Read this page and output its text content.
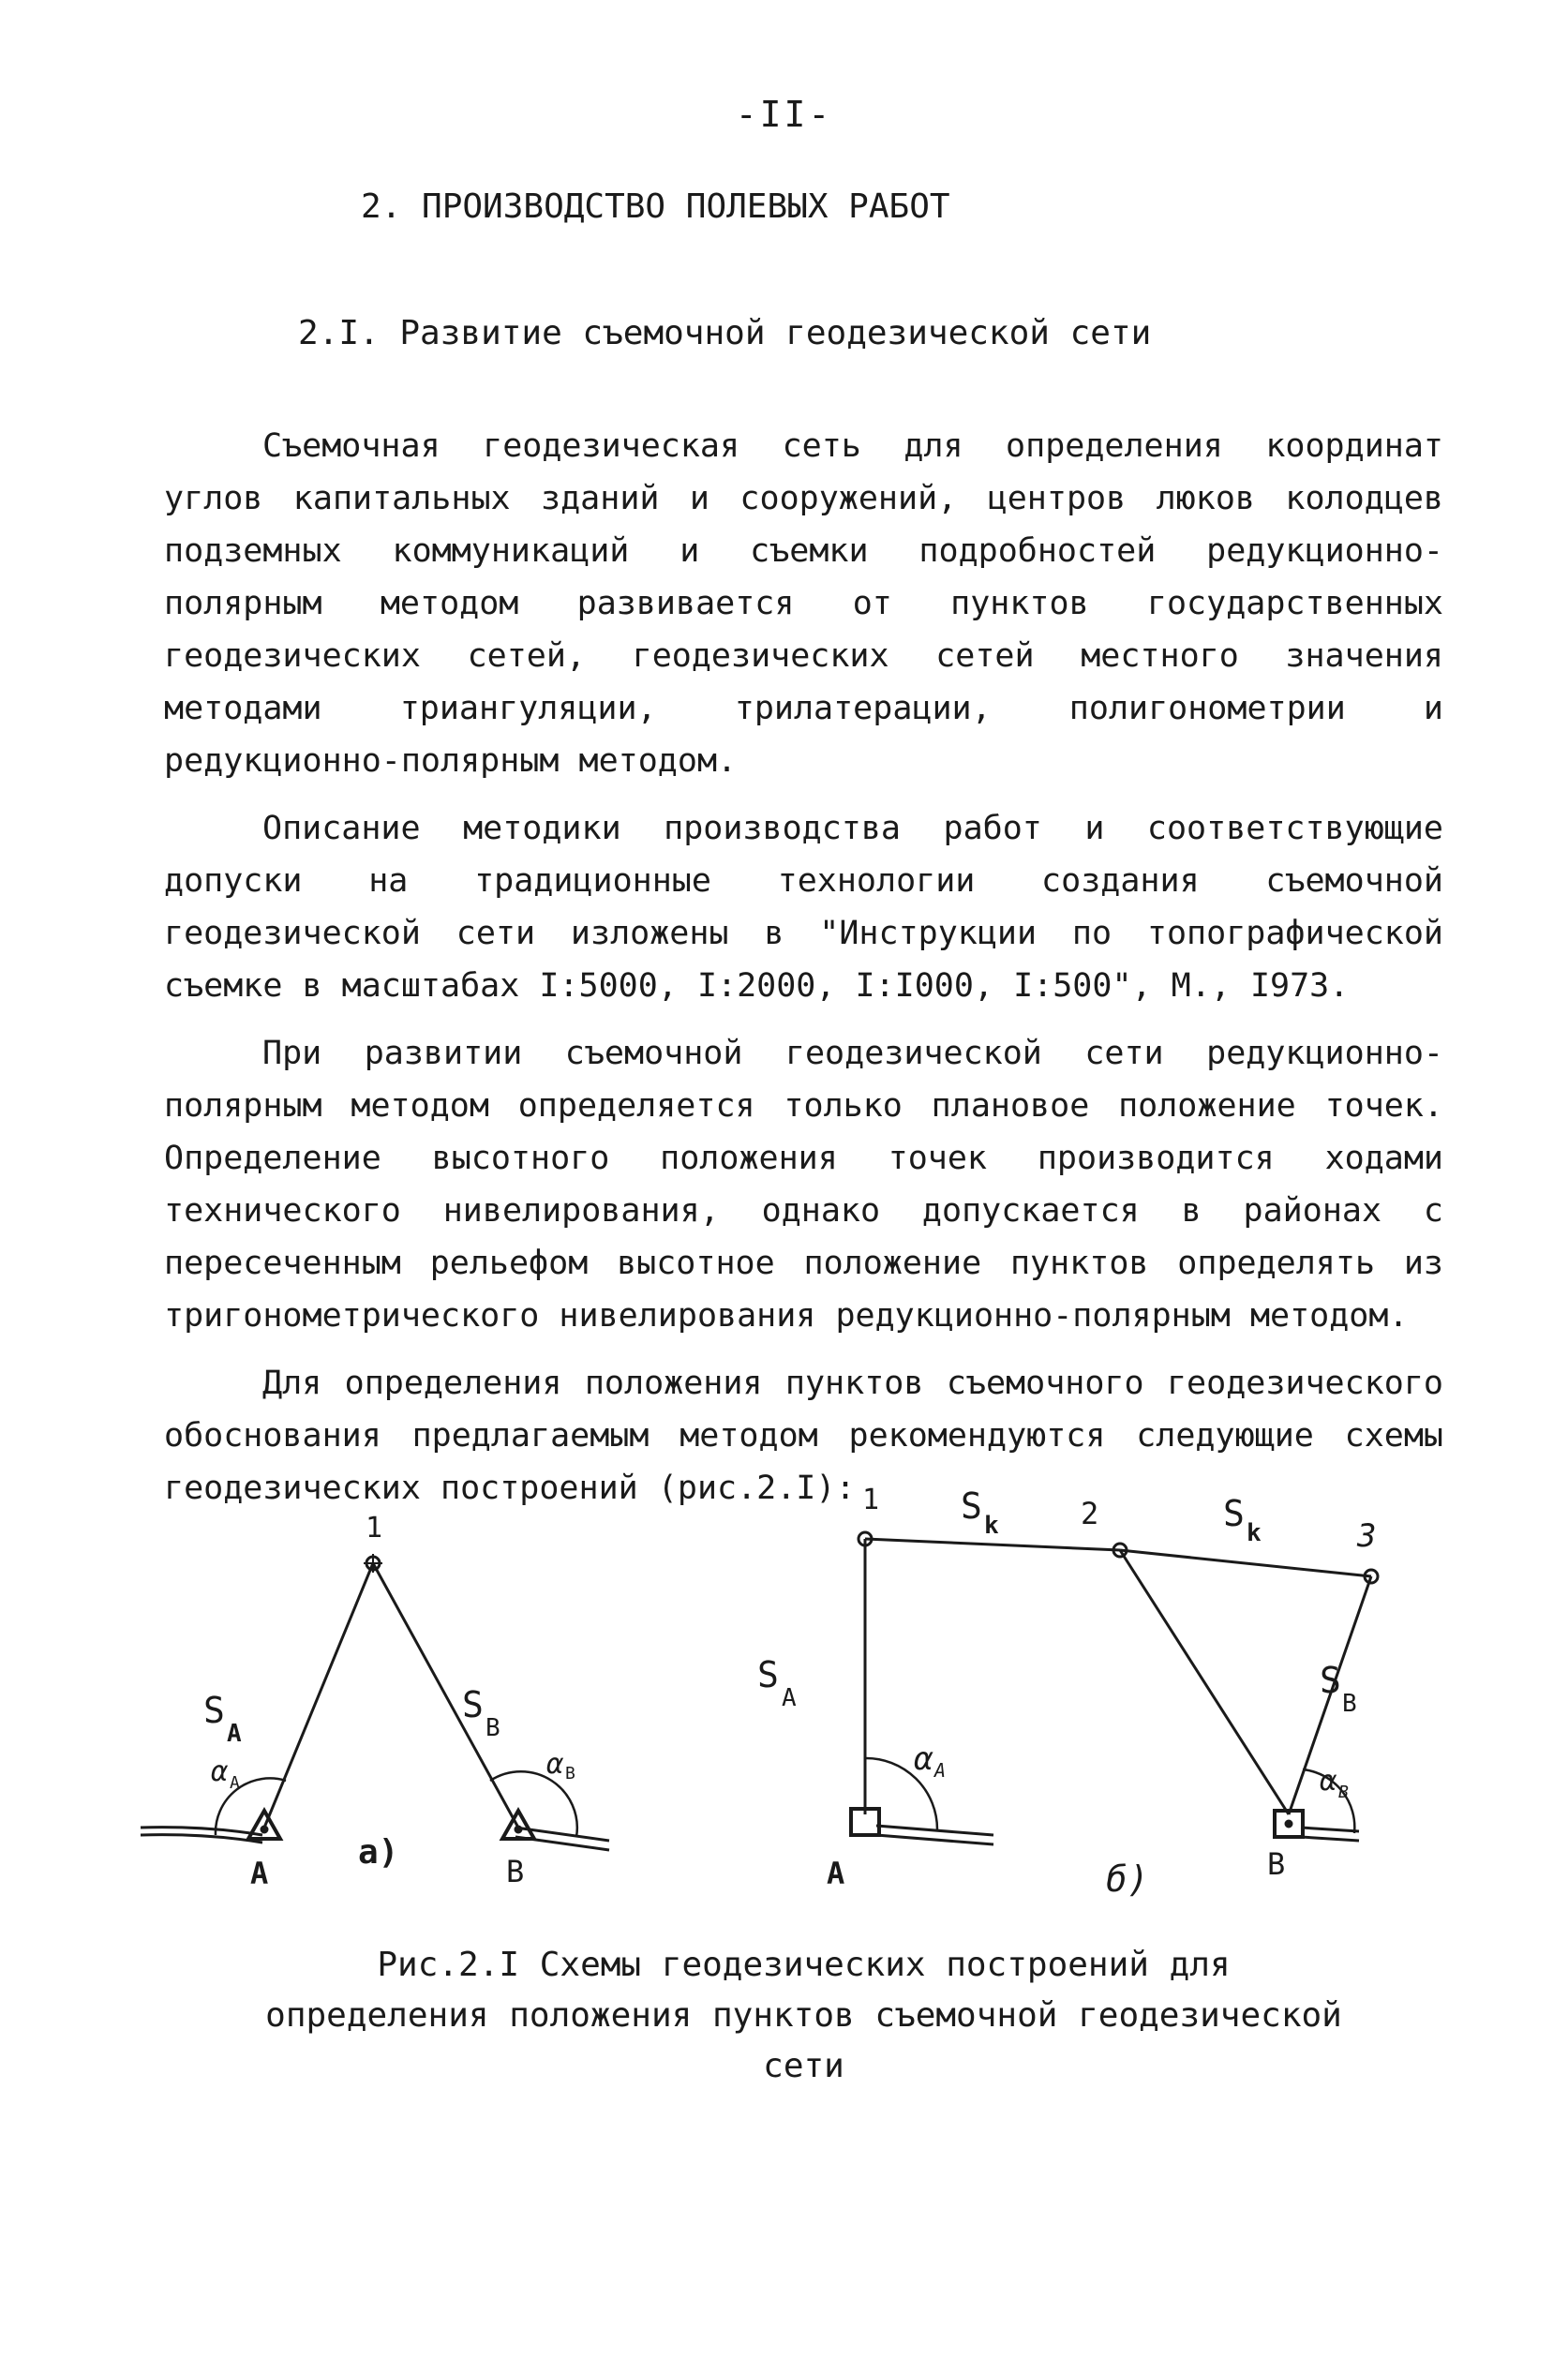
-II-
2. ПРОИЗВОДСТВО ПОЛЕВЫХ РАБОТ
2.I. Развитие съемочной геодезической сети

Съемочная геодезическая сеть для определения координат углов капитальных зданий и сооружений, центров люков колодцев подземных коммуникаций и съемки подробностей редукционно-полярным методом развивается от пунктов государственных геодезических сетей, геодезических сетей местного значения методами триангуляции, трилатерации, полигонометрии и редукционно-полярным методом.

Описание методики производства работ и соответствующие допуски на традиционные технологии создания съемочной геодезической сети изложены в "Инструкции по топографической съемке в масштабах I:5000, I:2000, I:I000, I:500", М., I973.

При развитии съемочной геодезической сети редукционно-полярным методом определяется только плановое положение точек. Определение высотного положения точек производится ходами технического нивелирования, однако допускается в районах с пересеченным рельефом высотное положение пунктов определять из тригонометрического нивелирования редукционно-полярным методом.

Для определения положения пунктов съемочного геодезического обоснования предлагаемым методом рекомендуются следующие схемы геодезических построений (рис.2.I):

1
S
A
S
B
α A
α B
А	В
а)
1 S k	2	S k	3
S
A	S
B
α A	α B
А	В
б)
Рис.2.I Схемы геодезических построений для
определения положения пунктов съемочной геодезической
сети
